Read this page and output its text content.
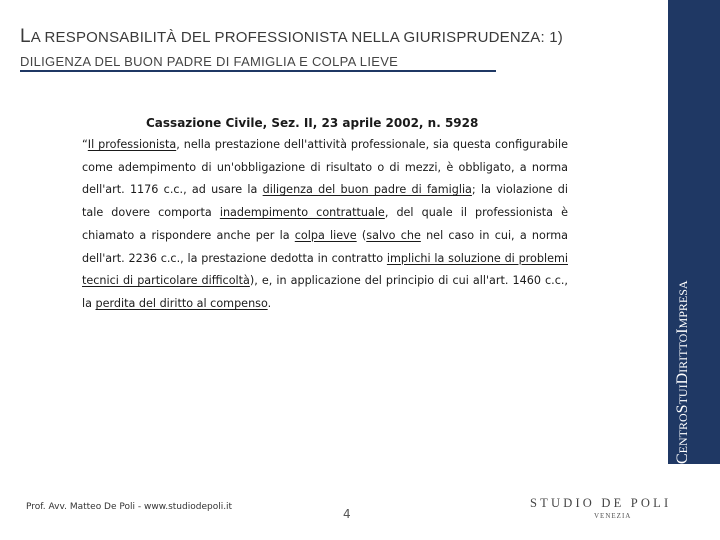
LA RESPONSABILITÀ DEL PROFESSIONISTA NELLA GIURISPRUDENZA: 1)
DILIGENZA DEL BUON PADRE DI FAMIGLIA E COLPA LIEVE
CENTROSTUIDIRITTOIMPRESA

Cassazione Civile, Sez. II, 23 aprile 2002, n. 5928

“Il professionista, nella prestazione dell'attività professionale, sia questa configurabile come adempimento di un'obbligazione di risultato o di mezzi, è obbligato, a norma dell'art. 1176 c.c., ad usare la diligenza del buon padre di famiglia; la violazione di tale dovere comporta inadempimento contrattuale, del quale il professionista è chiamato a rispondere anche per la colpa lieve (salvo che nel caso in cui, a norma dell'art. 2236 c.c., la prestazione dedotta in contratto implichi la soluzione di problemi tecnici di particolare difficoltà), e, in applicazione del principio di cui all'art. 1460 c.c., la perdita del diritto al compenso.

Prof. Avv. Matteo De Poli - www.studiodepoli.it	4

STUDIO DE POLI

VENEZIA
